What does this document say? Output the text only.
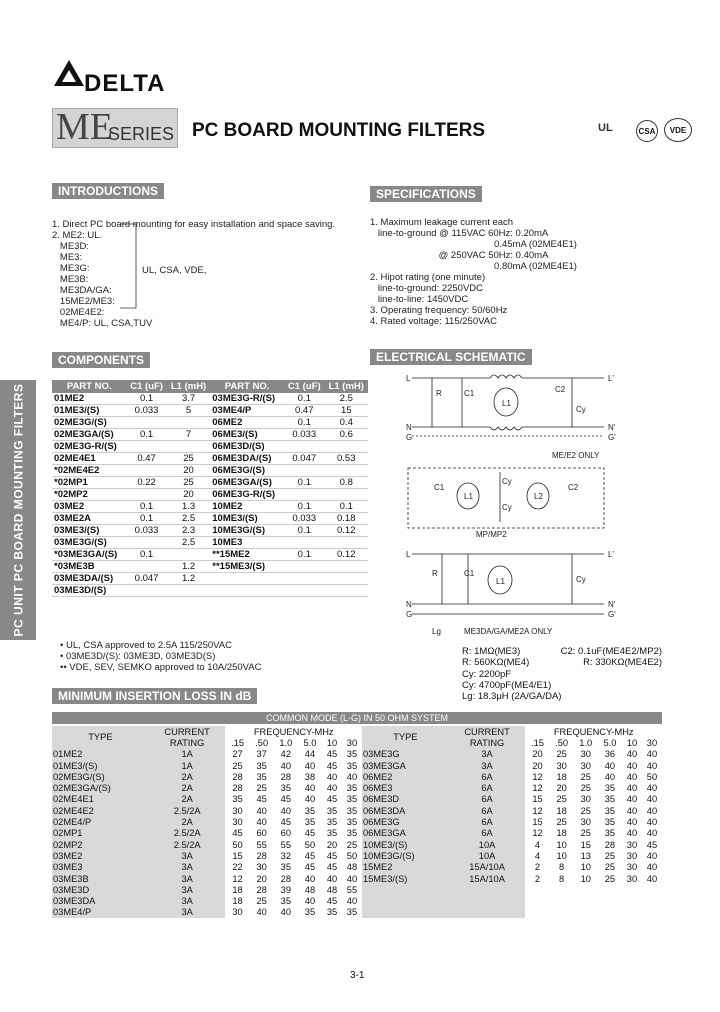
DELTA
ME
SERIES PC BOARD MOUNTING FILTERS	UL	CSA	VDE
PC UNIT PC BOARD MOUNTING FILTERS
INTRODUCTIONS

1. Direct PC board mounting for easy installation and space saving.
2. ME2: UL.
ME3D:
ME3:
ME3G:
ME3B:
ME3DA/GA:
15ME2/ME3:
02ME4E2:
ME4/P: UL, CSA,TUV
UL, CSA, VDE,
SPECIFICATIONS

1. Maximum leakage current each
line-to-ground @ 115VAC 60Hz: 0.20mA
0.45mA (02ME4E1)
@ 250VAC 50Hz: 0.40mA
0.80mA (02ME4E1)
2. Hipot rating (one minute)
line-to-ground: 2250VDC
line-to-line: 1450VDC
3. Operating frequency: 50/60Hz
4. Rated voltage: 115/250VAC
COMPONENTS
PART NO.	C1 (uF)	L1 (mH)	PART NO.	C1 (uF)	L1 (mH)
01ME2	0.1	3.7	03ME3G-R/(S)	0.1	2.5
01ME3/(S)	0.033	5	03ME4/P	0.47	15
02ME3G/(S)			06ME2	0.1	0.4
02ME3GA/(S)	0.1	7	06ME3/(S)	0.033	0.6
02ME3G-R/(S)			06ME3D/(S)		
02ME4E1	0.47	25	06ME3DA/(S)	0.047	0.53
*02ME4E2		20	06ME3G/(S)		
*02MP1	0.22	25	06ME3GA/(S)	0.1	0.8
*02MP2		20	06ME3G-R/(S)		
03ME2	0.1	1.3	10ME2	0.1	0.1
03ME2A	0.1	2.5	10ME3/(S)	0.033	0.18
03ME3/(S)	0.033	2.3	10ME3G/(S)	0.1	0.12
03ME3G/(S)		2.5	10ME3		
*03ME3GA/(S)	0.1		**15ME2	0.1	0.12
*03ME3B		1.2	**15ME3/(S)		
03ME3DA/(S)	0.047	1.2			
03ME3D/(S)					
• UL, CSA approved to 2.5A 115/250VAC
• 03ME3D/(S): 03ME3D, 03ME3D(S)
•• VDE, SEV, SEMKO approved to 10A/250VAC
ELECTRICAL SCHEMATIC
L	L'
N	N'
G	G'
R	C1
L1
C2
Cy
ME/E2 ONLY
C1
L1	L2
Cy
Cy
C2
MP/MP2
L	L'
N	N'
G	G'
R	C1
L1	Cy
Lg	ME3DA/GA/ME2A ONLY
R: 1MΩ(ME3)	C2: 0.1uF(ME4E2/MP2)
R: 560KΩ(ME4)	R: 330KΩ(ME4E2)
Cy: 2200pF
Cy: 4700pF(ME4/E1)
Lg: 18.3μH (2A/GA/DA)
MINIMUM INSERTION LOSS IN dB
COMMON MODE (L-G) IN 50 OHM SYSTEM
TYPE	CURRENT	FREQUENCY-MHz						TYPE	CURRENT	FREQUENCY-MHz					
	RATING	.15	.50	1.0	5.0	10	30		RATING	.15	.50	1.0	5.0	10	30
01ME2	1A	27	37	42	44	45	35	03ME3G	3A	20	25	30	36	40	40
01ME3/(S)	1A	25	35	40	40	45	35	03ME3GA	3A	20	30	30	40	40	40
02ME3G/(S)	2A	28	35	28	38	40	40	06ME2	6A	12	18	25	40	40	50
02ME3GA/(S)	2A	28	25	35	40	40	35	06ME3	6A	12	20	25	35	40	40
02ME4E1	2A	35	45	45	40	45	35	06ME3D	6A	15	25	30	35	40	40
02ME4E2	2.5/2A	30	40	40	35	35	35	06ME3DA	6A	12	18	25	35	40	40
02ME4/P	2A	30	40	45	35	35	35	06ME3G	6A	15	25	30	35	40	40
02MP1	2.5/2A	45	60	60	45	35	35	06ME3GA	6A	12	18	25	35	40	40
02MP2	2.5/2A	50	55	55	50	20	25	10ME3/(S)	10A	4	10	15	28	30	45
03ME2	3A	15	28	32	45	45	50	10ME3G/(S)	10A	4	10	13	25	30	40
03ME3	3A	22	30	35	45	45	48	15ME2	15A/10A	2	8	10	25	30	40
03ME3B	3A	12	20	28	40	40	40	15ME3/(S)	15A/10A	2	8	10	25	30	40
03ME3D	3A	18	28	39	48	48	55								
03ME3DA	3A	18	25	35	40	45	40								
03ME4/P	3A	30	40	40	35	35	35								
3-1
